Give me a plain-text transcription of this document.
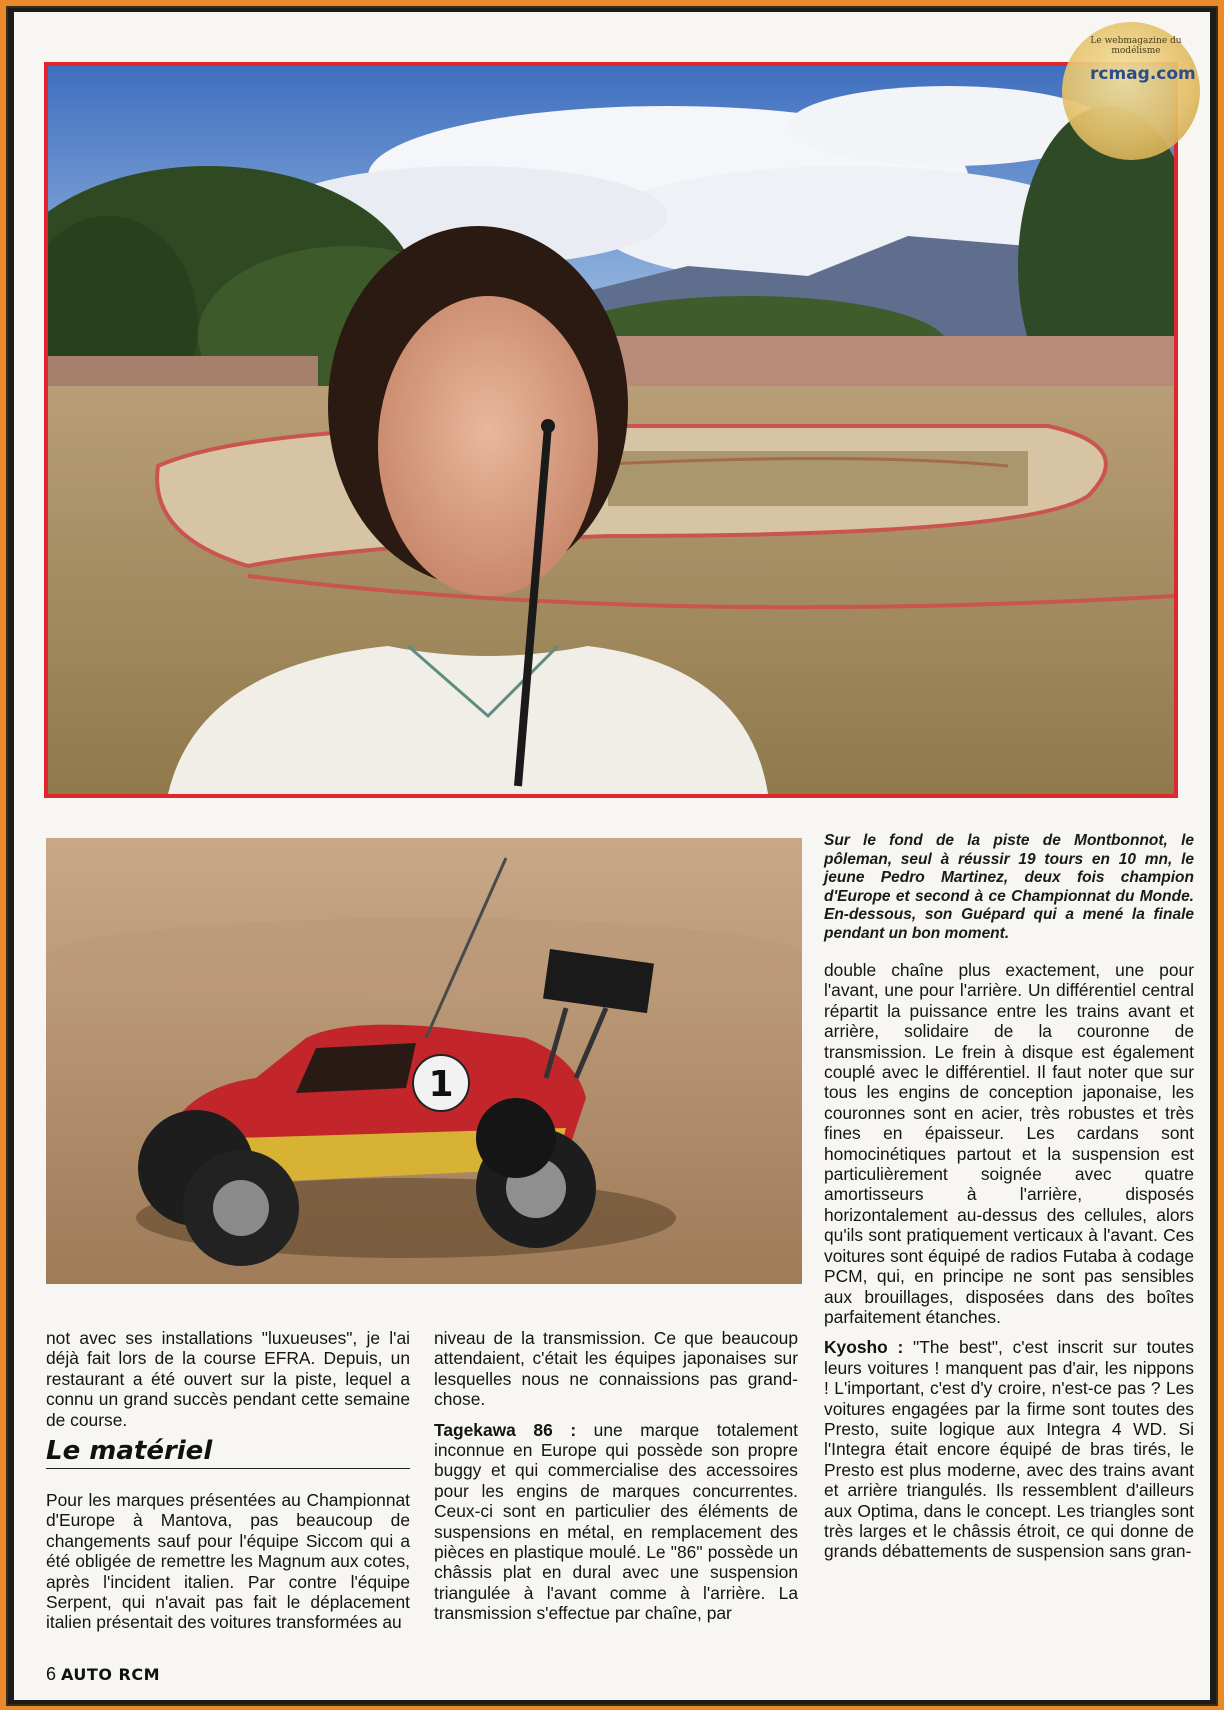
Le webmagazine du modélisme
rcmag.com
1
Sur le fond de la piste de Montbonnot, le pôleman, seul à réussir 19 tours en 10 mn, le jeune Pedro Martinez, deux fois champion d'Europe et second à ce Championnat du Monde. En-dessous, son Guépard qui a mené la finale pendant un bon moment.

not avec ses installations "luxueuses", je l'ai déjà fait lors de la course EFRA. Depuis, un restaurant a été ouvert sur la piste, lequel a connu un grand succès pendant cette semaine de course.

Le matériel

Pour les marques présentées au Championnat d'Europe à Mantova, pas beaucoup de changements sauf pour l'équipe Siccom qui a été obligée de remettre les Magnum aux cotes, après l'incident italien. Par contre l'équipe Serpent, qui n'avait pas fait le déplacement italien présentait des voitures transformées au

niveau de la transmission. Ce que beaucoup attendaient, c'était les équipes japonaises sur lesquelles nous ne connaissions pas grand-chose.

Tagekawa 86 : une marque totalement inconnue en Europe qui possède son propre buggy et qui commercialise des accessoires pour les engins de marques concurrentes. Ceux-ci sont en particulier des éléments de suspensions en métal, en remplacement des pièces en plastique moulé. Le "86" possède un châssis plat en dural avec une suspension triangulée à l'avant comme à l'arrière. La transmission s'effectue par chaîne, par

double chaîne plus exactement, une pour l'avant, une pour l'arrière. Un différentiel central répartit la puissance entre les trains avant et arrière, solidaire de la couronne de transmission. Le frein à disque est également couplé avec le différentiel. Il faut noter que sur tous les engins de conception japonaise, les couronnes sont en acier, très robustes et très fines en épaisseur. Les cardans sont homocinétiques partout et la suspension est particulièrement soignée avec quatre amortisseurs à l'arrière, disposés horizontalement au-dessus des cellules, alors qu'ils sont pratiquement verticaux à l'avant. Ces voitures sont équipé de radios Futaba à codage PCM, qui, en principe ne sont pas sensibles aux brouillages, disposées dans des boîtes parfaitement étanches.

Kyosho : "The best", c'est inscrit sur toutes leurs voitures ! manquent pas d'air, les nippons ! L'important, c'est d'y croire, n'est-ce pas ? Les voitures engagées par la firme sont toutes des Presto, suite logique aux Integra 4 WD. Si l'Integra était encore équipé de bras tirés, le Presto est plus moderne, avec des trains avant et arrière triangulés. Ils ressemblent d'ailleurs aux Optima, dans le concept. Les triangles sont très larges et le châssis étroit, ce qui donne de grands débattements de suspension sans gran-

6 AUTO RCM
